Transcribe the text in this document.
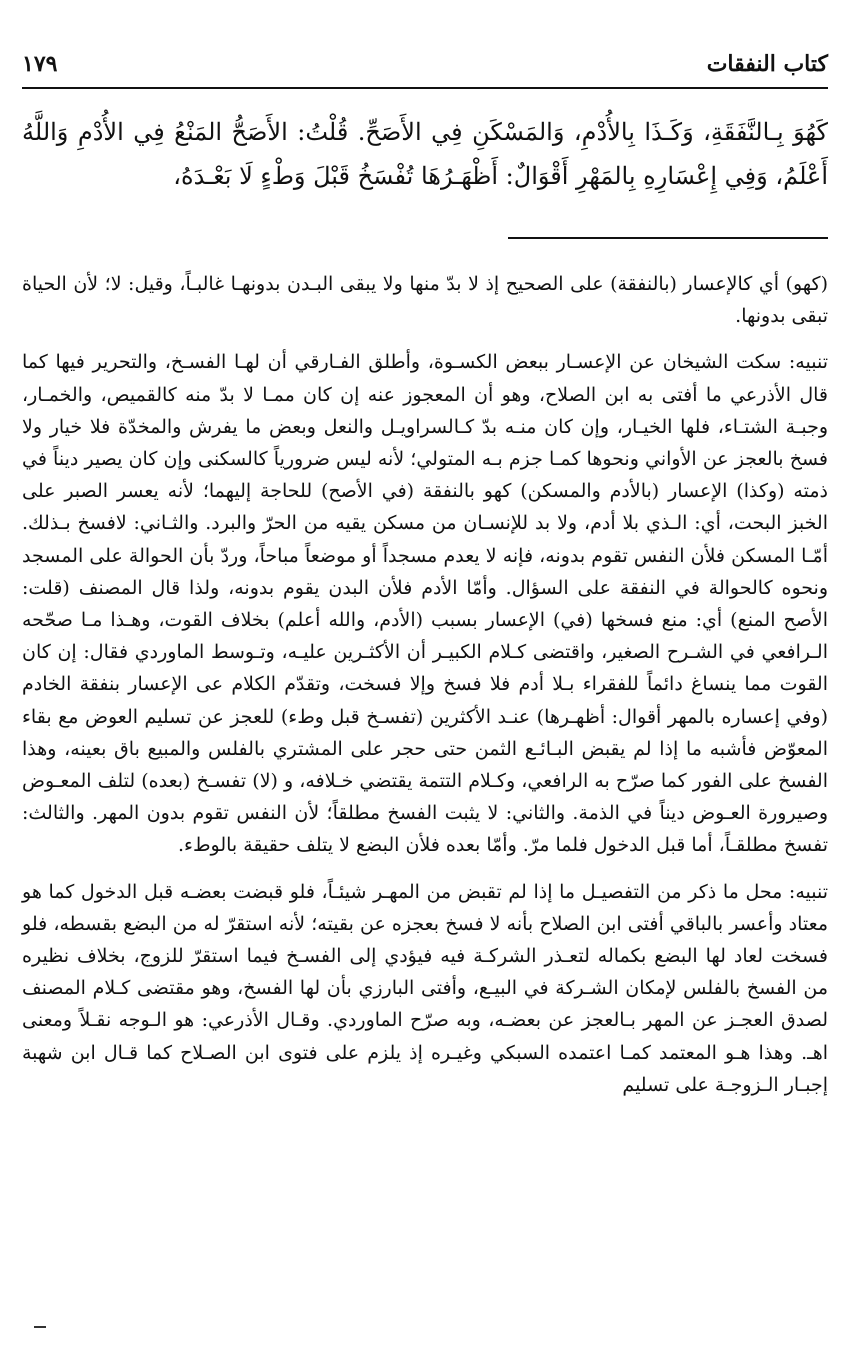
كتاب النفقات
١٧٩

كَهُوَ بِـالنَّفَقَةِ، وَكَـذَا بِالأُدْمِ، وَالمَسْكَنِ فِي الأَصَحِّ. قُلْتُ: الأَصَحُّ المَنْعُ فِي الأُدْمِ وَاللَّهُ أَعْلَمُ، وَفِي إِعْسَارِهِ بِالمَهْرِ أَقْوَالٌ: أَظْهَـرُهَا تُفْسَخُ قَبْلَ وَطْءٍ لَا بَعْـدَهُ،

(كهو) أي كالإعسار (بالنفقة) على الصحيح إذ لا بدّ منها ولا يبقى البـدن بدونهـا غالبـاً، وقيل: لا؛ لأن الحياة تبقى بدونها.

تنبيه: سكت الشيخان عن الإعسـار ببعض الكسـوة، وأطلق الفـارقي أن لهـا الفسـخ، والتحرير فيها كما قال الأذرعي ما أفتى به ابن الصلاح، وهو أن المعجوز عنه إن كان ممـا لا بدّ منه كالقميص، والخمـار، وجبـة الشتـاء، فلها الخيـار، وإن كان منـه بدّ كـالسراويـل والنعل وبعض ما يفرش والمخدّة فلا خيار ولا فسخ بالعجز عن الأواني ونحوها كمـا جزم بـه المتولي؛ لأنه ليس ضرورياً كالسكنى وإن كان يصير ديناً في ذمته (وكذا) الإعسار (بالأدم والمسكن) كهو بالنفقة (في الأصح) للحاجة إليهما؛ لأنه يعسر الصبر على الخبز البحت، أي: الـذي بلا أدم، ولا بد للإنسـان من مسكن يقيه من الحرّ والبرد. والثـاني: لافسخ بـذلك. أمّـا المسكن فلأن النفس تقوم بدونه، فإنه لا يعدم مسجداً أو موضعاً مباحاً، وردّ بأن الحوالة على المسجد ونحوه كالحوالة في النفقة على السؤال. وأمّا الأدم فلأن البدن يقوم بدونه، ولذا قال المصنف (قلت: الأصح المنع) أي: منع فسخها (في) الإعسار بسبب (الأدم، والله أعلم) بخلاف القوت، وهـذا مـا صحّحه الـرافعي في الشـرح الصغير، واقتضى كـلام الكبيـر أن الأكثـرين عليـه، وتـوسط الماوردي فقال: إن كان القوت مما ينساغ دائماً للفقراء بـلا أدم فلا فسخ وإلا فسخت، وتقدّم الكلام عى الإعسار بنفقة الخادم (وفي إعساره بالمهر أقوال: أظهـرها) عنـد الأكثرين (تفسـخ قبل وطء) للعجز عن تسليم العوض مع بقاء المعوّض فأشبه ما إذا لم يقبض البـائـع الثمن حتى حجر على المشتري بالفلس والمبيع باق بعينه، وهذا الفسخ على الفور كما صرّح به الرافعي، وكـلام التتمة يقتضي خـلافه، و (لا) تفسـخ (بعده) لتلف المعـوض وصيرورة العـوض ديناً في الذمة. والثاني: لا يثبت الفسخ مطلقاً؛ لأن النفس تقوم بدون المهر. والثالث: تفسخ مطلقـاً، أما قبل الدخول فلما مرّ. وأمّا بعده فلأن البضع لا يتلف حقيقة بالوطء.

تنبيه: محل ما ذكر من التفصيـل ما إذا لم تقبض من المهـر شيئـاً، فلو قبضت بعضـه قبل الدخول كما هو معتاد وأعسر بالباقي أفتى ابن الصلاح بأنه لا فسخ بعجزه عن بقيته؛ لأنه استقرّ له من البضع بقسطه، فلو فسخت لعاد لها البضع بكماله لتعـذر الشركـة فيه فيؤدي إلى الفسـخ فيما استقرّ للزوج، بخلاف نظيره من الفسخ بالفلس لإمكان الشـركة في البيـع، وأفتى البارزي بأن لها الفسخ، وهو مقتضى كـلام المصنف لصدق العجـز عن المهر بـالعجز عن بعضـه، وبه صرّح الماوردي. وقـال الأذرعي: هو الـوجه نقـلاً ومعنى اهـ. وهذا هـو المعتمد كمـا اعتمده السبكي وغيـره إذ يلزم على فتوى ابن الصـلاح كما قـال ابن شهبة إجبـار الـزوجـة على تسليم
